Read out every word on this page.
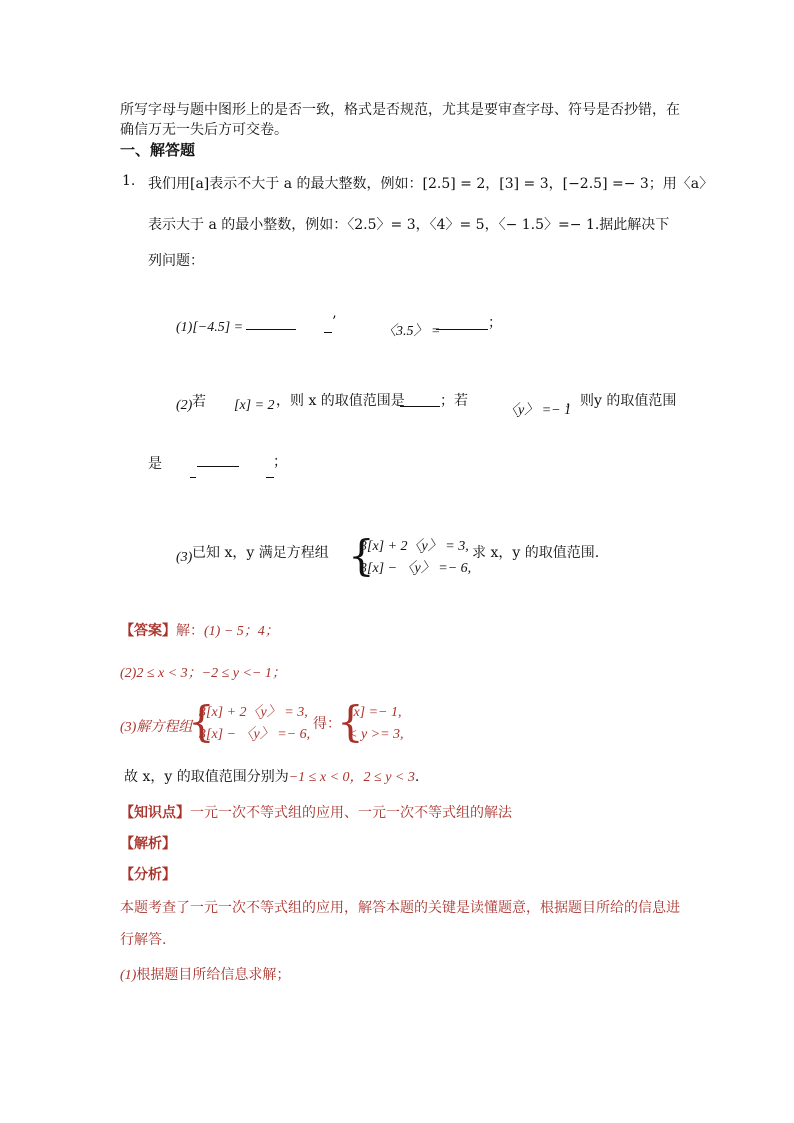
所写字母与题中图形上的是否一致，格式是否规范，尤其是要审查字母、符号是否抄错，在
确信万无一失后方可交卷。
一、解答题
1. 我们用[a]表示不大于 a 的最大整数，例如：[2.5] = 2，[3] = 3，[−2.5] =− 3；用〈a〉
表示大于 a 的最小整数，例如：〈2.5〉= 3，〈4〉= 5，〈− 1.5〉=− 1.据此解决下
列问题：
(1)[−4.5] =	’
〈3.5〉 =
；
(2) 若 [x] = 2 ，则 x 的取值范围是	；若
〈y〉 =− 1
，则y 的取值范围
是	；
(3) 已知 x，y 满足方程组 {
3[x] + 2〈y〉 = 3,
3[x] − 〈y〉 =− 6,
求 x，y 的取值范围.
【答案】解：(1) − 5；4；
(2)2 ≤ x < 3；−2 ≤ y <− 1；
(3)解方程组
{
3[x] + 2〈y〉 = 3,
3[x] − 〈y〉 =− 6,
得：
{
[x] =− 1,
< y >= 3,
故 x，y 的取值范围分别为−1 ≤ x < 0，2 ≤ y < 3.
【知识点】一元一次不等式组的应用、一元一次不等式组的解法
【解析】
【分析】
本题考查了一元一次不等式组的应用，解答本题的关键是读懂题意，根据题目所给的信息进
行解答.
(1)根据题目所给信息求解；
